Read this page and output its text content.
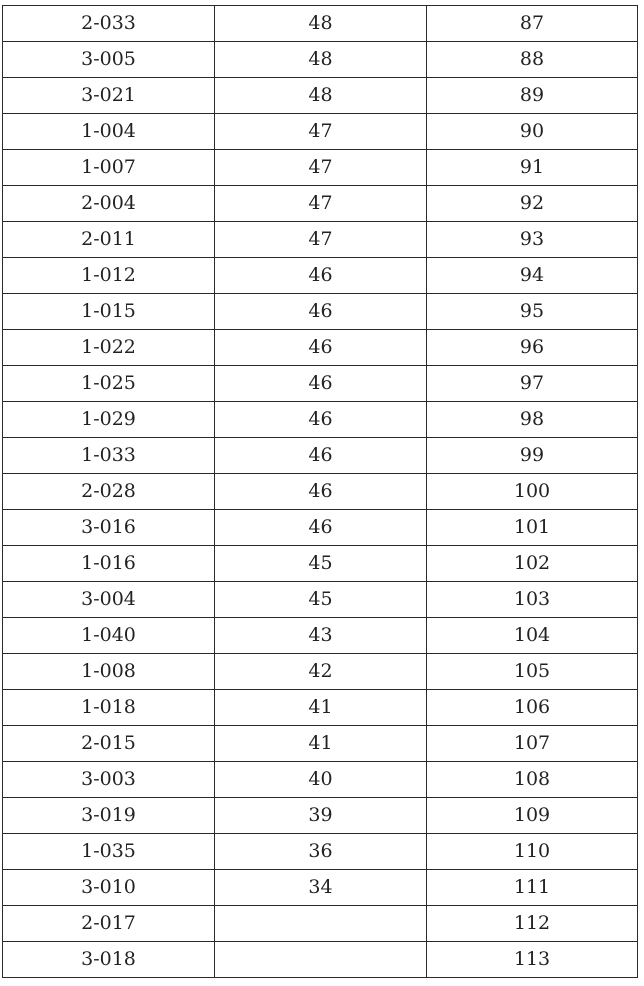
2-033	48	87
3-005	48	88
3-021	48	89
1-004	47	90
1-007	47	91
2-004	47	92
2-011	47	93
1-012	46	94
1-015	46	95
1-022	46	96
1-025	46	97
1-029	46	98
1-033	46	99
2-028	46	100
3-016	46	101
1-016	45	102
3-004	45	103
1-040	43	104
1-008	42	105
1-018	41	106
2-015	41	107
3-003	40	108
3-019	39	109
1-035	36	110
3-010	34	111
2-017		112
3-018		113
